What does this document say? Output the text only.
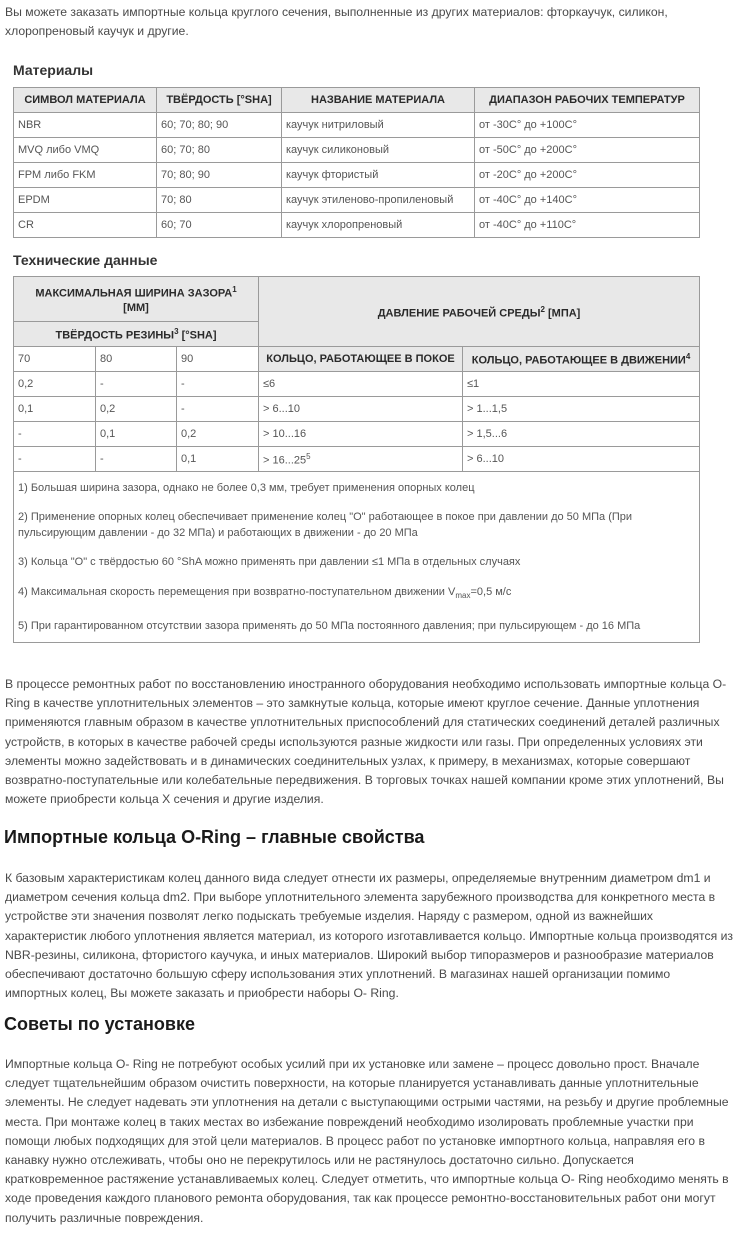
Вы можете заказать импортные кольца круглого сечения, выполненные из других материалов: фторкаучук, силикон, хлоропреновый каучук и другие.

Материалы
СИМВОЛ МАТЕРИАЛА	ТВЁРДОСТЬ [°SHA]	НАЗВАНИЕ МАТЕРИАЛА	ДИАПАЗОН РАБОЧИХ ТЕМПЕРАТУР
NBR	60; 70; 80; 90	каучук нитриловый	от -30С° до +100С°
MVQ либо VMQ	60; 70; 80	каучук силиконовый	от -50С° до +200С°
FPM либо FKM	70; 80; 90	каучук фтористый	от -20С° до +200С°
EPDM	70; 80	каучук этиленово-пропиленовый	от -40С° до +140С°
CR	60; 70	каучук хлоропреновый	от -40С° до +110С°
Технические данные
МАКСИМАЛЬНАЯ ШИРИНА ЗАЗОРА$^1$
[ММ]			ДАВЛЕНИЕ РАБОЧЕЙ СРЕДЫ$^2$ [МПА]	
ТВЁРДОСТЬ РЕЗИНЫ$^3$ [°SHA]				
70	80	90	КОЛЬЦО, РАБОТАЮЩЕЕ В ПОКОЕ	КОЛЬЦО, РАБОТАЮЩЕЕ В ДВИЖЕНИИ$^4$
0,2	-	-	≤6	≤1
0,1	0,2	-	> 6...10	> 1...1,5
-	0,1	0,2	> 10...16	> 1,5...6
-	-	0,1	> $16...25^5$	> 6...10
1) Большая ширина зазора, однако не более 0,3 мм, требует применения опорных колец				
2) Применение опорных колец обеспечивает применение колец "О" работающее в покое при давлении до 50 МПа (При пульсирующим давлении - до 32 МПа) и работающих в движении - до 20 МПа				
3) Кольца "О" с твёрдостью 60 °ShA можно применять при давлении ≤1 МПа в отдельных случаях				
4) Максимальная скорость перемещения при возвратно-поступательном движении $V_{max}=0,5$ м/с				
5) При гарантированном отсутствии зазора применять до 50 МПа постоянного давления; при пульсирующем - до 16 МПа				

В процессе ремонтных работ по восстановлению иностранного оборудования необходимо использовать импортные кольца O-Ring в качестве уплотнительных элементов – это замкнутые кольца, которые имеют круглое сечение. Данные уплотнения применяются главным образом в качестве уплотнительных приспособлений для статических соединений деталей различных устройств, в которых в качестве рабочей среды используются разные жидкости или газы. При определенных условиях эти элементы можно задействовать и в динамических соединительных узлах, к примеру, в механизмах, которые совершают возвратно-поступательные или колебательные передвижения. В торговых точках нашей компании кроме этих уплотнений, Вы можете приобрести кольца X сечения и другие изделия.

Импортные кольца O-Ring – главные свойства

К базовым характеристикам колец данного вида следует отнести их размеры, определяемые внутренним диаметром dm1 и диаметром сечения кольца dm2. При выборе уплотнительного элемента зарубежного производства для конкретного места в устройстве эти значения позволят легко подыскать требуемые изделия. Наряду с размером, одной из важнейших характеристик любого уплотнения является материал, из которого изготавливается кольцо. Импортные кольца производятся из NBR-резины, силикона, фтористого каучука, и иных материалов. Широкий выбор типоразмеров и разнообразие материалов обеспечивают достаточно большую сферу использования этих уплотнений. В магазинах нашей организации помимо импортных колец, Вы можете заказать и приобрести наборы О- Ring.

Советы по установке

Импортные кольца О- Ring не потребуют особых усилий при их установке или замене – процесс довольно прост. Вначале следует тщательнейшим образом очистить поверхности, на которые планируется устанавливать данные уплотнительные элементы. Не следует надевать эти уплотнения на детали с выступающими острыми частями, на резьбу и другие проблемные места. При монтаже колец в таких местах во избежание повреждений необходимо изолировать проблемные участки при помощи любых подходящих для этой цели материалов. В процесс работ по установке импортного кольца, направляя его в канавку нужно отслеживать, чтобы оно не перекрутилось или не растянулось достаточно сильно. Допускается кратковременное растяжение устанавливаемых колец. Следует отметить, что импортные кольца О- Ring необходимо менять в ходе проведения каждого планового ремонта оборудования, так как процессе ремонтно-восстановительных работ они могут получить различные повреждения.
